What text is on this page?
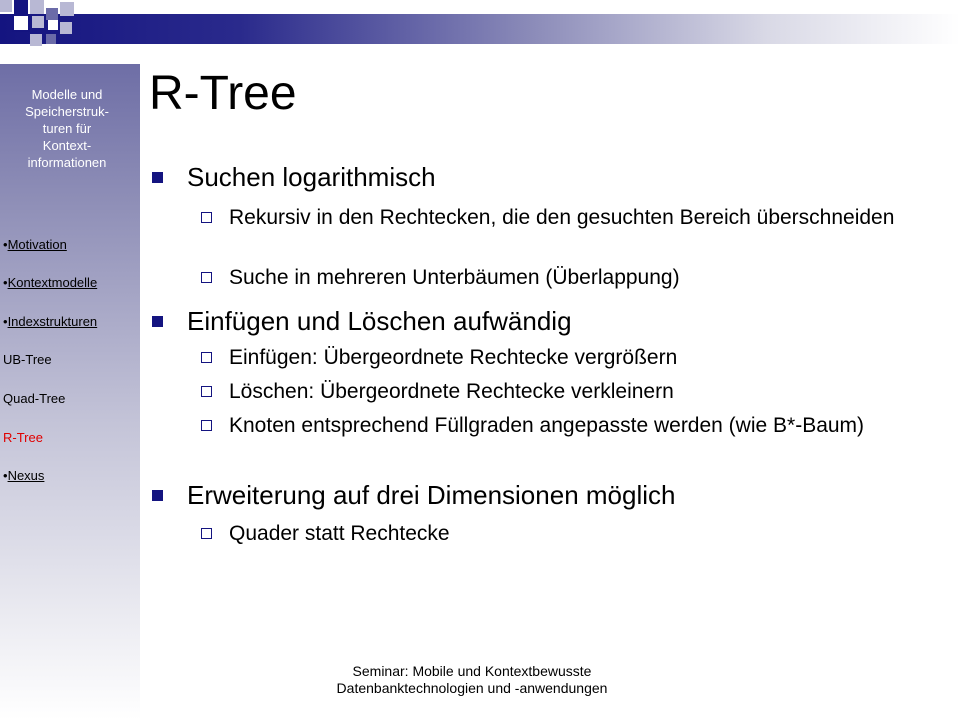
Modelle und
Speicherstruk-
turen für
Kontext-
informationen
•Motivation
•Kontextmodelle
•Indexstrukturen
UB-Tree
Quad-Tree
R-Tree
•Nexus
R-Tree
Suchen logarithmisch
Rekursiv in den Rechtecken, die den gesuchten Bereich überschneiden
Suche in mehreren Unterbäumen (Überlappung)
Einfügen und Löschen aufwändig
Einfügen: Übergeordnete Rechtecke vergrößern
Löschen: Übergeordnete Rechtecke verkleinern
Knoten entsprechend Füllgraden angepasste werden (wie B*-Baum)
Erweiterung auf drei Dimensionen möglich
Quader statt Rechtecke
Seminar: Mobile und Kontextbewusste
Datenbanktechnologien und -anwendungen
